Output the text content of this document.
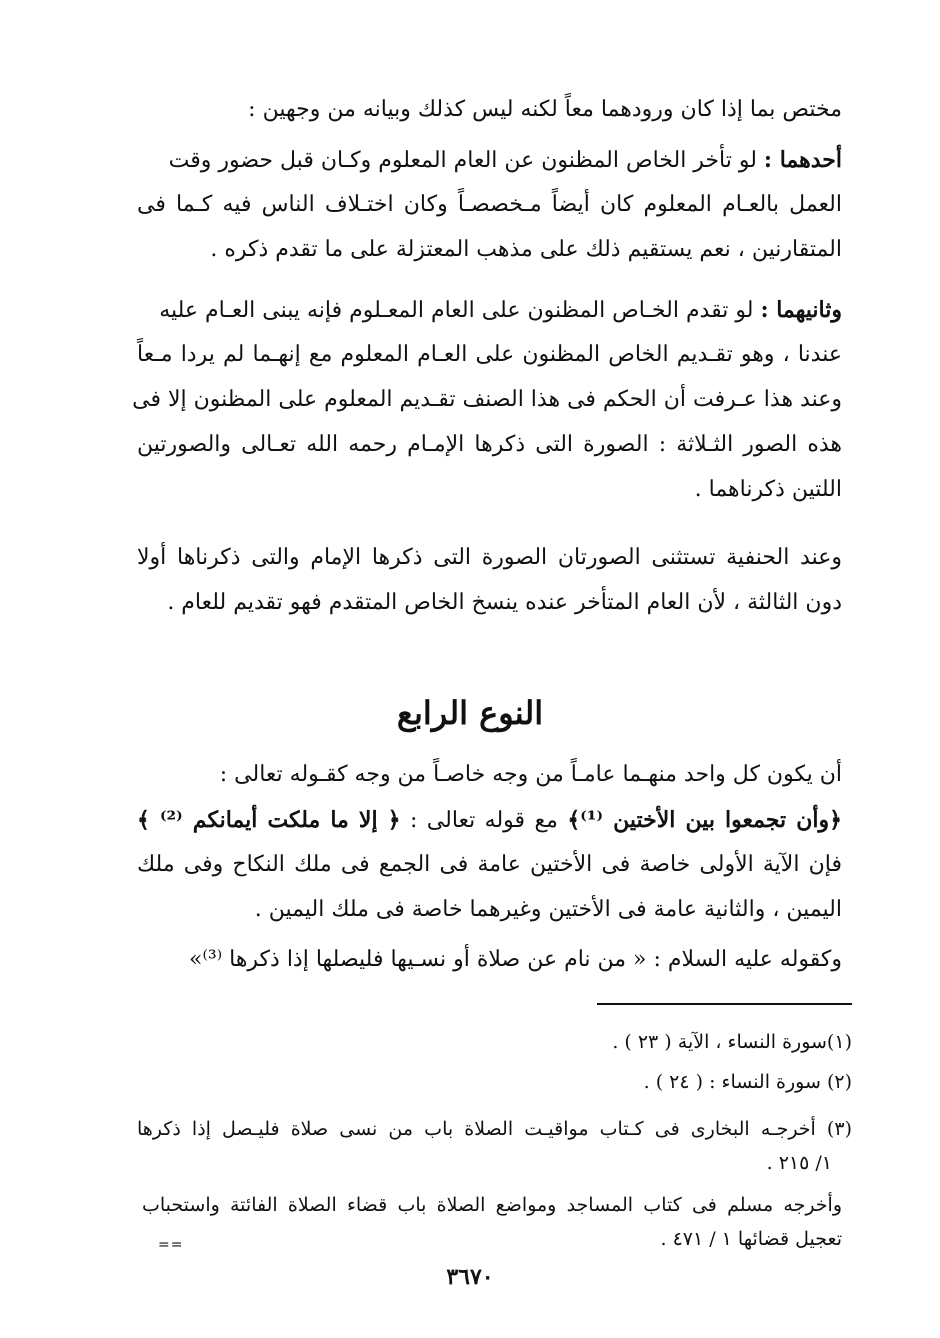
مختص بما إذا كان ورودهما معاً لكنه ليس كذلك وبيانه من وجهين :
أحدهما : لو تأخر الخاص المظنون عن العام المعلوم وكـان قبل حضور وقت
العمل بالعـام المعلوم كان أيضاً مـخصصـاً وكان اختـلاف الناس فيه كـما فى
المتقارنين ، نعم يستقيم ذلك على مذهب المعتزلة على ما تقدم ذكره .
وثانيهما : لو تقدم الخـاص المظنون على العام المعـلوم فإنه يبنى العـام عليه
عندنا ، وهو تقـديم الخاص المظنون على العـام المعلوم مع إنهـما لم يردا مـعاً
وعند هذا عـرفت أن الحكم فى هذا الصنف تقـديم المعلوم على المظنون إلا فى
هذه الصور الثـلاثة : الصورة التى ذكرها الإمـام رحمه الله تعـالى والصورتين
اللتين ذكرناهما .
وعند الحنفية تستثنى الصورتان الصورة التى ذكرها الإمام والتى ذكرناها أولا
دون الثالثة ، لأن العام المتأخر عنده ينسخ الخاص المتقدم فهو تقديم للعام .
النوع الرابع
أن يكون كل واحد منهـما عامـاً من وجه خاصـاً من وجه كقـوله تعالى :
﴿وأن تجمعوا بين الأختين ⁽¹⁾﴾ مع قوله تعالى : ﴿ إلا ما ملكت أيمانكم ⁽²⁾ ﴾
فإن الآية الأولى خاصة فى الأختين عامة فى الجمع فى ملك النكاح وفى ملك
اليمين ، والثانية عامة فى الأختين وغيرهما خاصة فى ملك اليمين .
وكقوله عليه السلام : « من نام عن صلاة أو نسـيها فليصلها إذا ذكرها ⁽³⁾»
(١)سورة النساء ، الآية ( ٢٣ ) .
(٢) سورة النساء : ( ٢٤ ) .
(٣) أخرجـه البخارى فى كـتاب مواقيـت الصلاة باب من نسى صلاة فليـصل إذا ذكرها
١/ ٢١٥ .
وأخرجه مسلم فى كتاب المساجد ومواضع الصلاة باب قضاء الصلاة الفائتة واستحباب
تعجيل قضائها ١ / ٤٧١ .
==
٣٦٧٠
